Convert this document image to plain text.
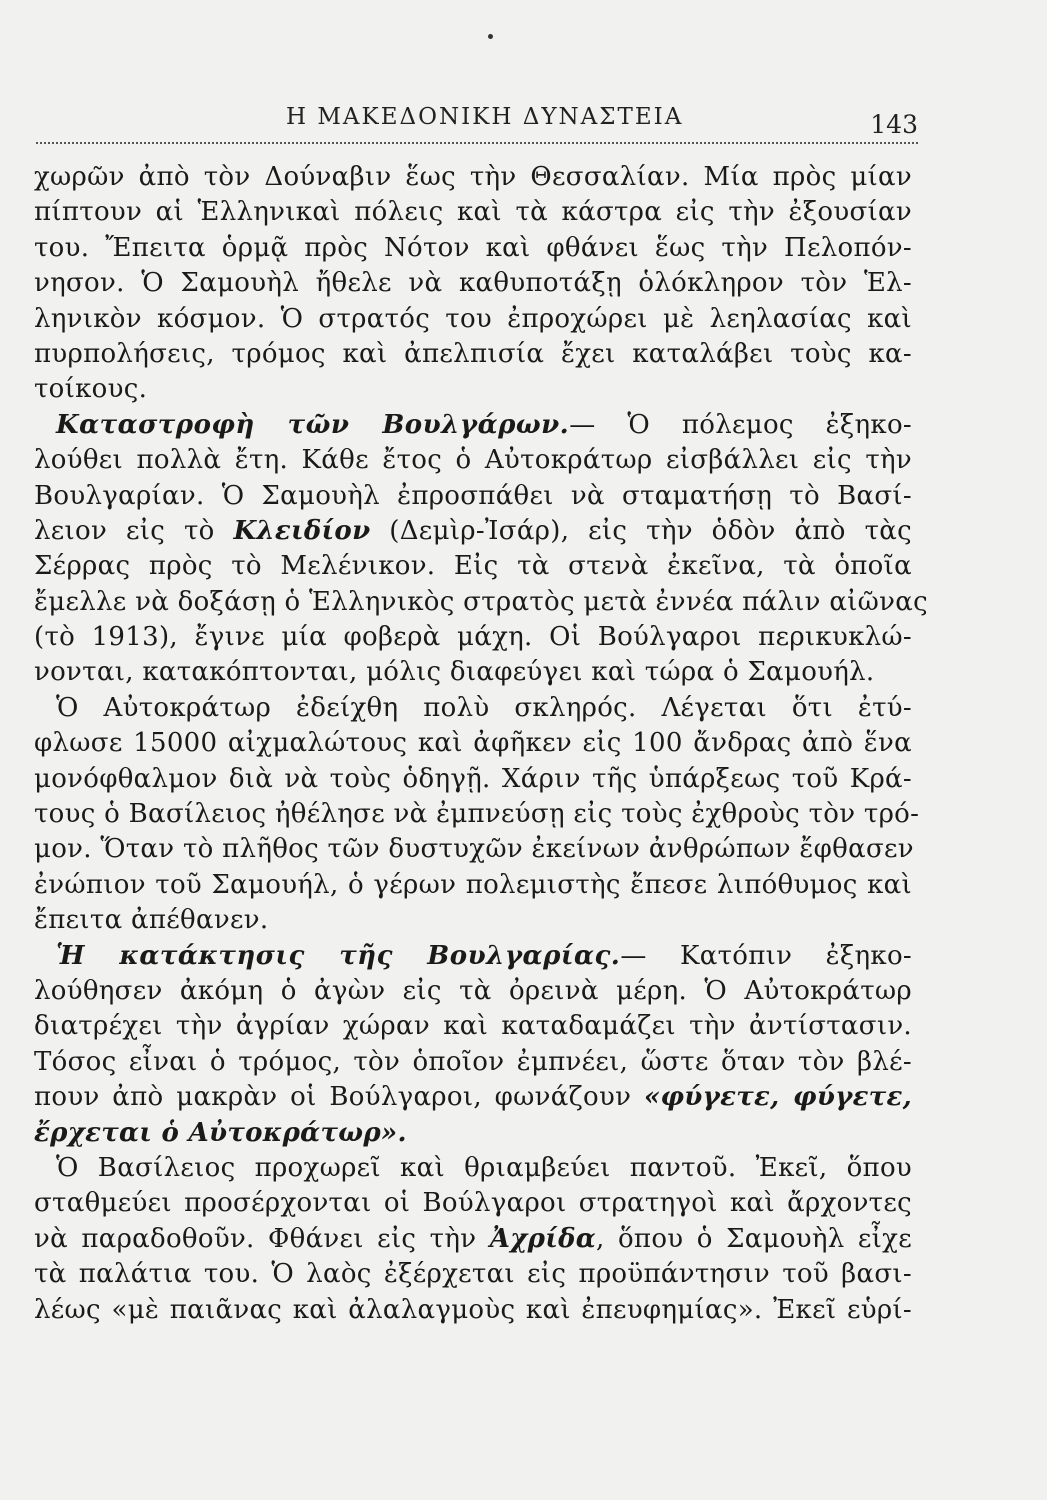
Η ΜΑΚΕΔΟΝΙΚΗ ΔΥΝΑΣΤΕΙΑ	143
χωρῶν ἀπὸ τὸν Δούναβιν ἕως τὴν Θεσσαλίαν. Μία πρὸς μίαν
πίπτουν αἱ Ἑλληνικαὶ πόλεις καὶ τὰ κάστρα εἰς τὴν ἐξουσίαν
του. Ἔπειτα ὁρμᾷ πρὸς Νότον καὶ φθάνει ἕως τὴν Πελοπόν-
νησον. Ὁ Σαμουὴλ ἤθελε νὰ καθυποτάξῃ ὁλόκληρον τὸν Ἑλ-
ληνικὸν κόσμον. Ὁ στρατός του ἐπροχώρει μὲ λεηλασίας καὶ
πυρπολήσεις, τρόμος καὶ ἀπελπισία ἔχει καταλάβει τοὺς κα-
τοίκους.
Καταστροφὴ τῶν Βουλγάρων.— Ὁ πόλεμος ἐξηκο-
λούθει πολλὰ ἔτη. Κάθε ἔτος ὁ Αὐτοκράτωρ εἰσβάλλει εἰς τὴν
Βουλγαρίαν. Ὁ Σαμουὴλ ἐπροσπάθει νὰ σταματήσῃ τὸ Βασί-
λειον εἰς τὸ Κλειδίον (Δεμὶρ-Ἰσάρ), εἰς τὴν ὁδὸν ἀπὸ τὰς
Σέρρας πρὸς τὸ Μελένικον. Εἰς τὰ στενὰ ἐκεῖνα, τὰ ὁποῖα
ἔμελλε νὰ δοξάσῃ ὁ Ἑλληνικὸς στρατὸς μετὰ ἐννέα πάλιν αἰῶνας
(τὸ 1913), ἔγινε μία φοβερὰ μάχη. Οἱ Βούλγαροι περικυκλώ-
νονται, κατακόπτονται, μόλις διαφεύγει καὶ τώρα ὁ Σαμουήλ.
Ὁ Αὐτοκράτωρ ἐδείχθη πολὺ σκληρός. Λέγεται ὅτι ἐτύ-
φλωσε 15000 αἰχμαλώτους καὶ ἀφῆκεν εἰς 100 ἄνδρας ἀπὸ ἕνα
μονόφθαλμον διὰ νὰ τοὺς ὁδηγῇ. Χάριν τῆς ὑπάρξεως τοῦ Κρά-
τους ὁ Βασίλειος ἠθέλησε νὰ ἐμπνεύσῃ εἰς τοὺς ἐχθροὺς τὸν τρό-
μον. Ὅταν τὸ πλῆθος τῶν δυστυχῶν ἐκείνων ἀνθρώπων ἔφθασεν
ἐνώπιον τοῦ Σαμουήλ, ὁ γέρων πολεμιστὴς ἔπεσε λιπόθυμος καὶ
ἔπειτα ἀπέθανεν.
Ἡ κατάκτησις τῆς Βουλγαρίας.— Κατόπιν ἐξηκο-
λούθησεν ἀκόμη ὁ ἀγὼν εἰς τὰ ὀρεινὰ μέρη. Ὁ Αὐτοκράτωρ
διατρέχει τὴν ἀγρίαν χώραν καὶ καταδαμάζει τὴν ἀντίστασιν.
Τόσος εἶναι ὁ τρόμος, τὸν ὁποῖον ἐμπνέει, ὥστε ὅταν τὸν βλέ-
πουν ἀπὸ μακρὰν οἱ Βούλγαροι, φωνάζουν «φύγετε, φύγετε,
ἔρχεται ὁ Αὐτοκράτωρ».
Ὁ Βασίλειος προχωρεῖ καὶ θριαμβεύει παντοῦ. Ἐκεῖ, ὅπου
σταθμεύει προσέρχονται οἱ Βούλγαροι στρατηγοὶ καὶ ἄρχοντες
νὰ παραδοθοῦν. Φθάνει εἰς τὴν Ἀχρίδα, ὅπου ὁ Σαμουὴλ εἶχε
τὰ παλάτια του. Ὁ λαὸς ἐξέρχεται εἰς προϋπάντησιν τοῦ βασι-
λέως «μὲ παιᾶνας καὶ ἀλαλαγμοὺς καὶ ἐπευφημίας». Ἐκεῖ εὑρί-
